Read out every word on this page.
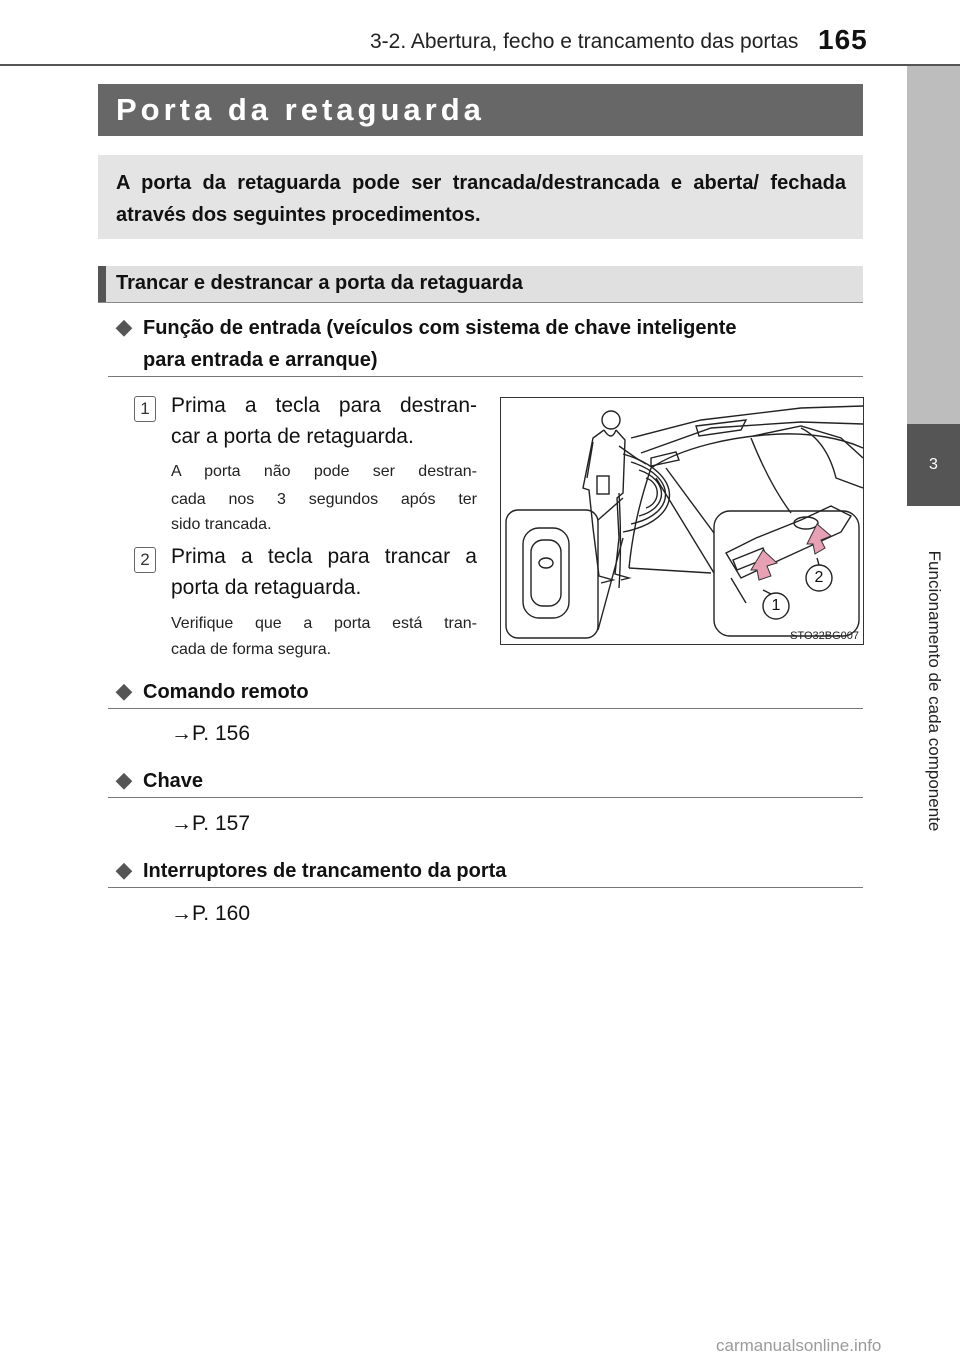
3-2. Abertura, fecho e trancamento das portas 165
3
Funcionamento de cada componente
Porta da retaguarda
A porta da retaguarda pode ser trancada/destrancada e aberta/ fechada através dos seguintes procedimentos.
Trancar e destrancar a porta da retaguarda
◆ Função de entrada (veículos com sistema de chave inteligente
para entrada e arranque)
1 Prima a tecla para destran-
car a porta de retaguarda.
A porta não pode ser destran-
cada nos 3 segundos após ter
sido trancada.
2 Prima a tecla para trancar a
porta da retaguarda.
Verifique que a porta está tran-
cada de forma segura.
1
2
STO32BG007
◆ Comando remoto
→P. 156
◆ Chave
→P. 157
◆ Interruptores de trancamento da porta
→P. 160
carmanualsonline.info
